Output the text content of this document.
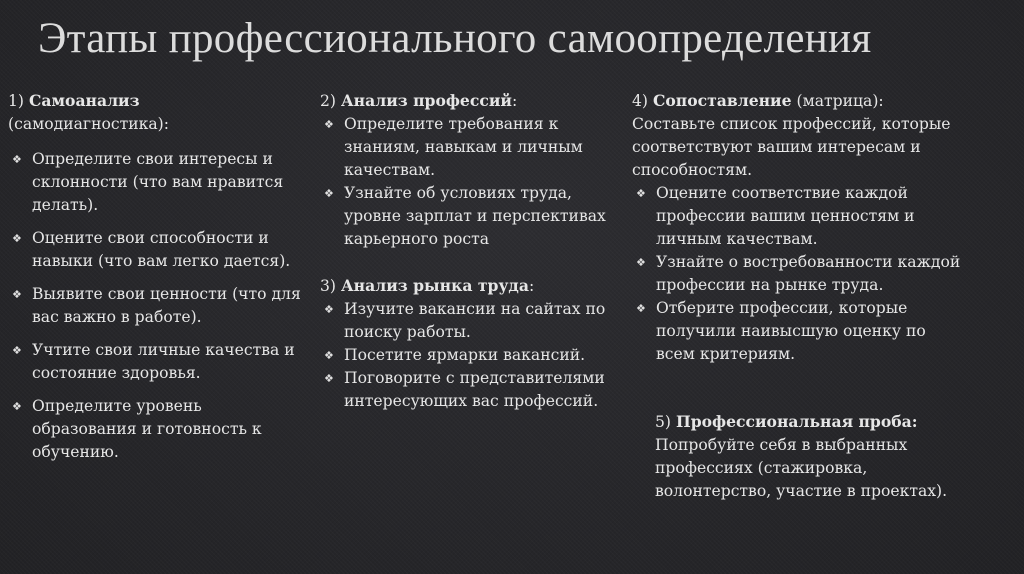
Этапы профессионального самоопределения
1) Самоанализ
(самодиагностика):
❖ Определите свои интересы и склонности (что вам нравится делать).
❖ Оцените свои способности и навыки (что вам легко дается).
❖ Выявите свои ценности (что для вас важно в работе).
❖ Учтите свои личные качества и состояние здоровья.
❖ Определите уровень образования и готовность к обучению.
2) Анализ профессий:
❖ Определите требования к знаниям, навыкам и личным качествам.
❖ Узнайте об условиях труда, уровне зарплат и перспективах карьерного роста
3) Анализ рынка труда:
❖ Изучите вакансии на сайтах по поиску работы.
❖ Посетите ярмарки вакансий.
❖ Поговорите с представителями интересующих вас профессий.
4) Сопоставление (матрица): Составьте список профессий, которые соответствуют вашим интересам и способностям.
❖ Оцените соответствие каждой профессии вашим ценностям и личным качествам.
❖ Узнайте о востребованности каждой профессии на рынке труда.
❖ Отберите профессии, которые получили наивысшую оценку по всем критериям.
5) Профессиональная проба:
Попробуйте себя в выбранных профессиях (стажировка, волонтерство, участие в проектах).
